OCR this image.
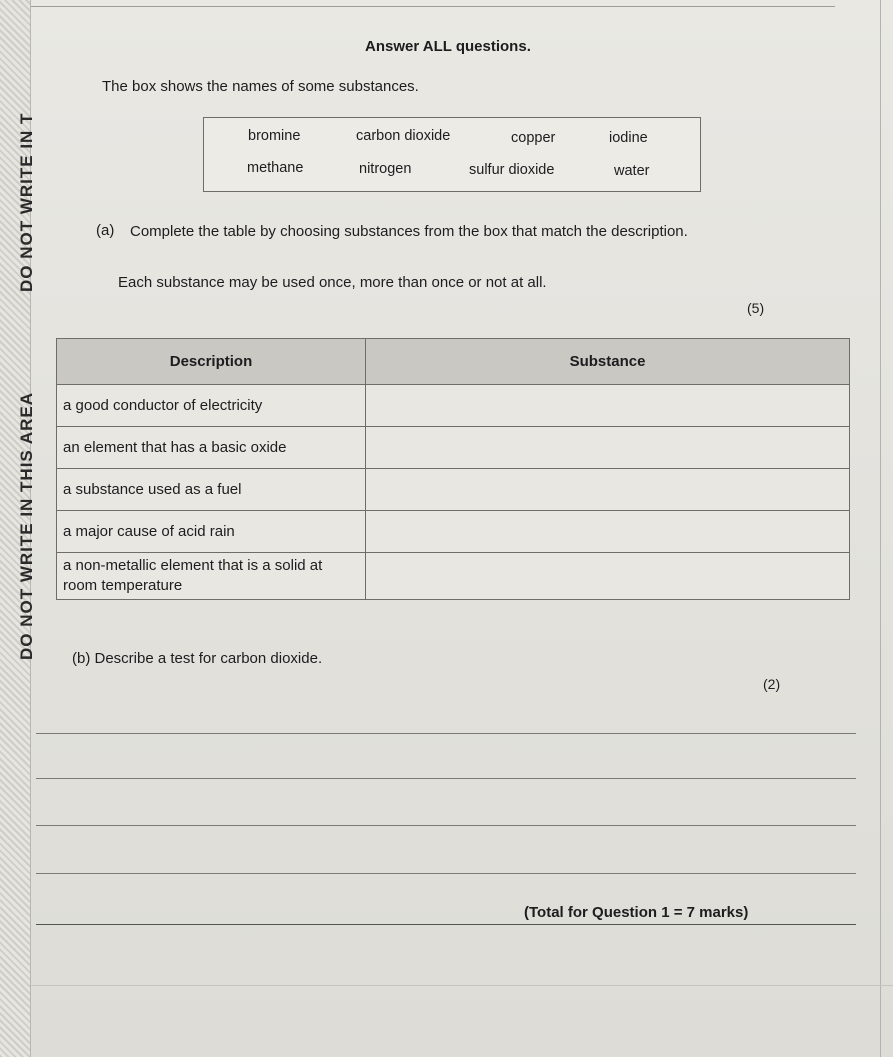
DO NOT WRITE IN T
DO NOT WRITE IN THIS AREA
Answer ALL questions.
The box shows the names of some substances.
bromine	carbon dioxide	copper	iodine
methane	nitrogen	sulfur dioxide	water
(a) Complete the table by choosing substances from the box that match the description.
Each substance may be used once, more than once or not at all.
(5)
Description	Substance
a good conductor of electricity	
an element that has a basic oxide	
a substance used as a fuel	
a major cause of acid rain	
a non-metallic element that is a solid at room temperature	
(b) Describe a test for carbon dioxide.
(2)
(Total for Question 1 = 7 marks)
